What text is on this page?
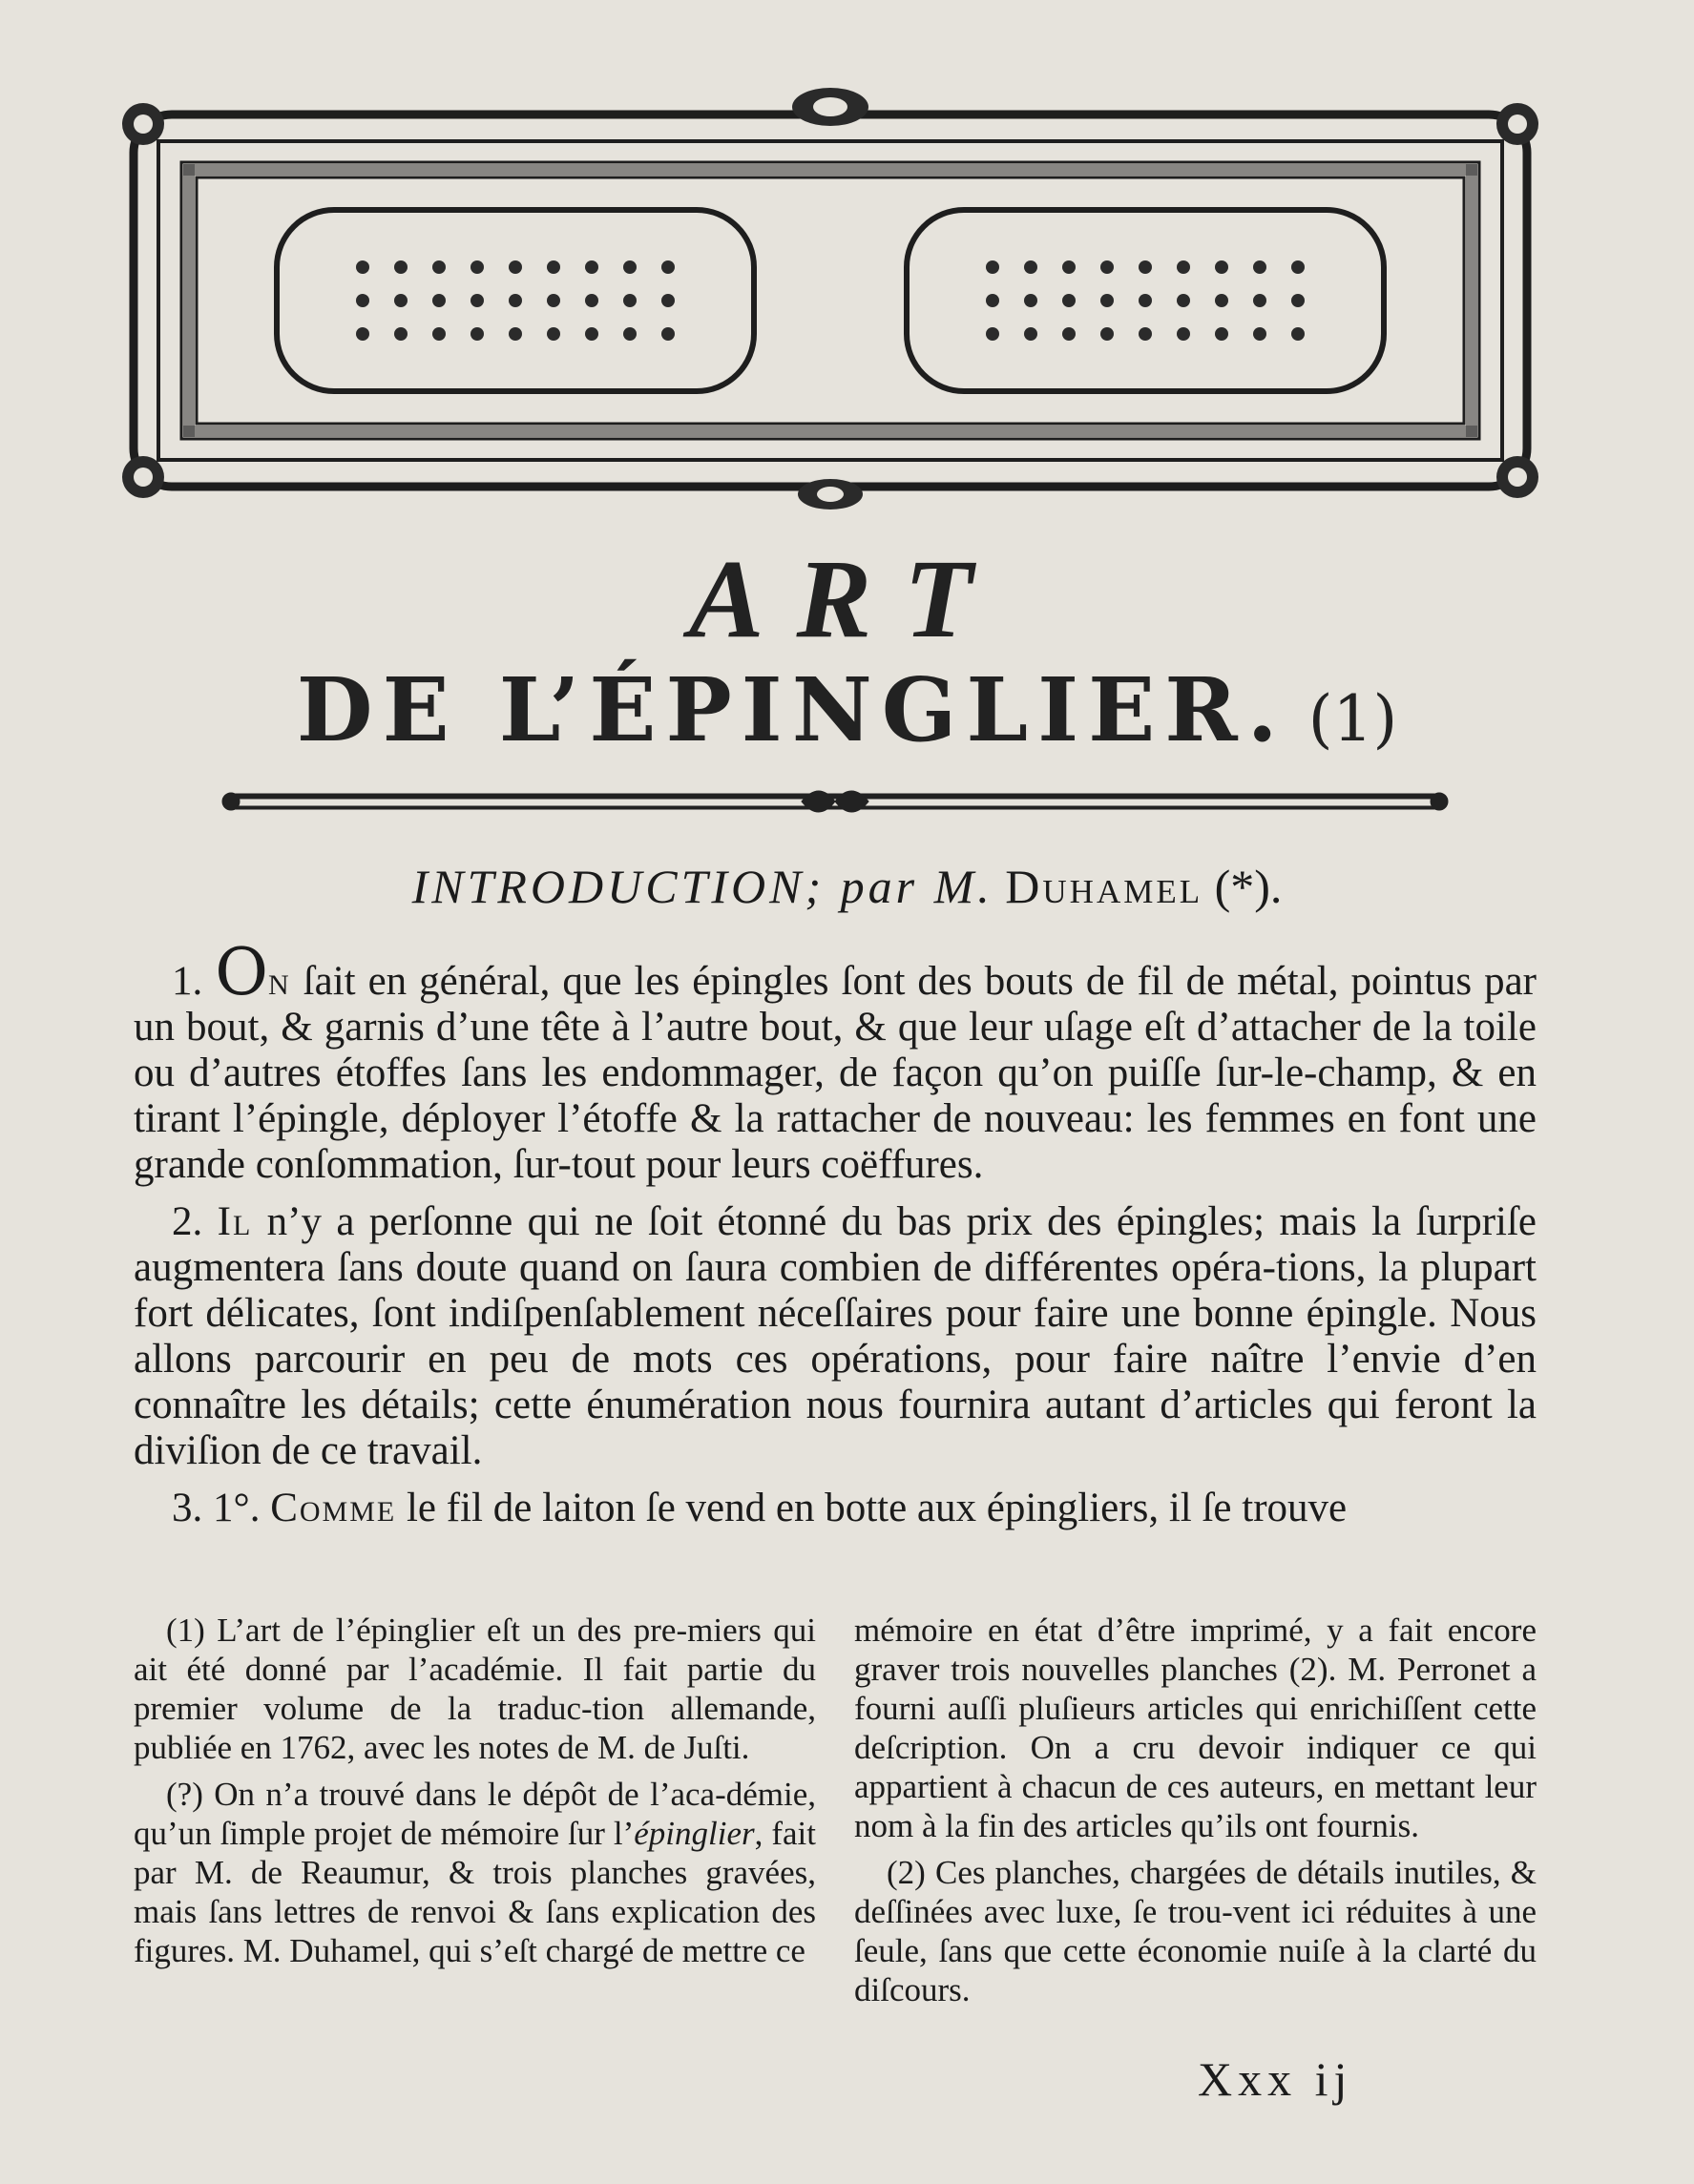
ART
DE L’ÉPINGLIER. (1)
INTRODUCTION; par M. Duhamel (*).

1. On ſait en général, que les épingles ſont des bouts de fil de métal, pointus par un bout, & garnis d’une tête à l’autre bout, & que leur uſage eſt d’attacher de la toile ou d’autres étoffes ſans les endommager, de façon qu’on puiſſe ſur-le-champ, & en tirant l’épingle, déployer l’étoffe & la rattacher de nouveau: les femmes en font une grande conſommation, ſur-tout pour leurs coëffures.

2. Il n’y a perſonne qui ne ſoit étonné du bas prix des épingles; mais la ſurpriſe augmentera ſans doute quand on ſaura combien de différentes opéra-tions, la plupart fort délicates, ſont indiſpenſablement néceſſaires pour faire une bonne épingle. Nous allons parcourir en peu de mots ces opérations, pour faire naître l’envie d’en connaître les détails; cette énumération nous fournira autant d’articles qui feront la diviſion de ce travail.

3. 1°. Comme le fil de laiton ſe vend en botte aux épingliers, il ſe trouve

(1) L’art de l’épinglier eſt un des pre-miers qui ait été donné par l’académie. Il fait partie du premier volume de la traduc-tion allemande, publiée en 1762, avec les notes de M. de Juſti.

(?) On n’a trouvé dans le dépôt de l’aca-démie, qu’un ſimple projet de mémoire ſur l’épinglier, fait par M. de Reaumur, & trois planches gravées, mais ſans lettres de renvoi & ſans explication des figures. M. Duhamel, qui s’eſt chargé de mettre ce

mémoire en état d’être imprimé, y a fait encore graver trois nouvelles planches (2). M. Perronet a fourni auſſi pluſieurs articles qui enrichiſſent cette deſcription. On a cru devoir indiquer ce qui appartient à chacun de ces auteurs, en mettant leur nom à la fin des articles qu’ils ont fournis.

(2) Ces planches, chargées de détails inutiles, & deſſinées avec luxe, ſe trou-vent ici réduites à une ſeule, ſans que cette économie nuiſe à la clarté du diſcours.

Xxx ij
